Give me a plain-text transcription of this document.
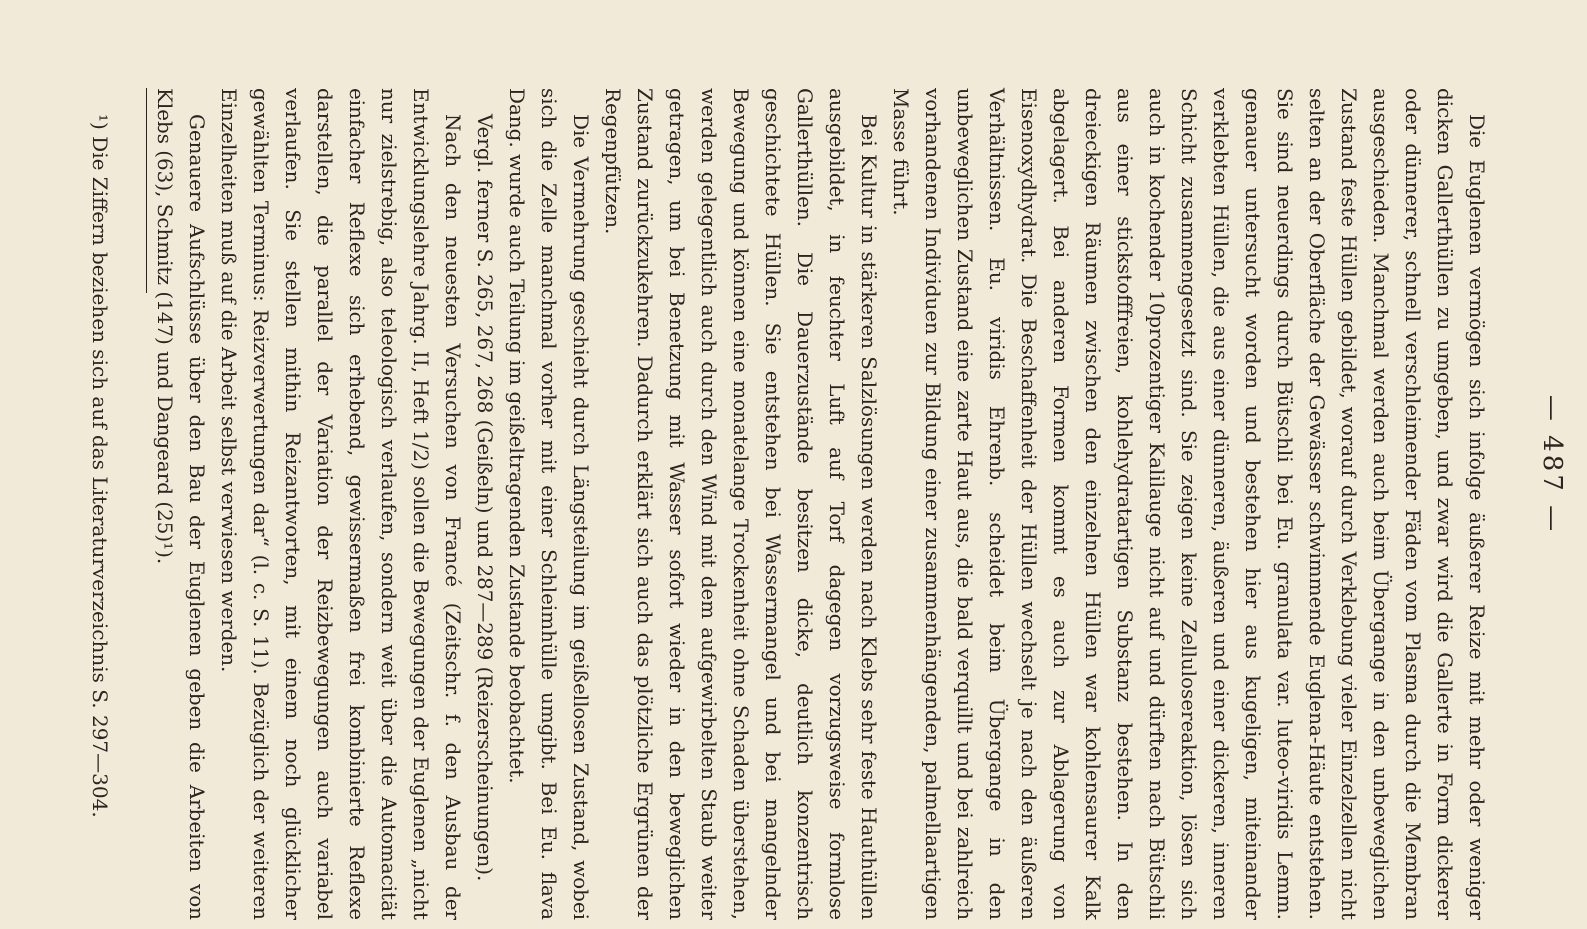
— 487 —

Die Euglenen vermögen sich infolge äußerer Reize mit mehr oder weniger dicken Gallerthüllen zu umgeben, und zwar wird die Gallerte in Form dickerer oder dünnerer, schnell verschleimender Fäden vom Plasma durch die Membran ausgeschieden. Manchmal werden auch beim Übergange in den unbeweglichen Zustand feste Hüllen gebildet, worauf durch Verklebung vieler Einzelzellen nicht selten an der Oberfläche der Gewässer schwimmende Euglena-Häute entstehen. Sie sind neuerdings durch Bütschli bei Eu. granulata var. luteo-viridis Lemm. genauer untersucht worden und bestehen hier aus kugeligen, miteinander verklebten Hüllen, die aus einer dünneren, äußeren und einer dickeren, inneren Schicht zusammengesetzt sind. Sie zeigen keine Zellulosereaktion, lösen sich auch in kochender 10prozentiger Kalilauge nicht auf und dürften nach Bütschli aus einer stickstofffreien, kohlehydratartigen Substanz bestehen. In den dreieckigen Räumen zwischen den einzelnen Hüllen war kohlensaurer Kalk abgelagert. Bei anderen Formen kommt es auch zur Ablagerung von Eisenoxydhydrat. Die Beschaffenheit der Hüllen wechselt je nach den äußeren Verhältnissen. Eu. viridis Ehrenb. scheidet beim Übergange in den unbeweglichen Zustand eine zarte Haut aus, die bald verquillt und bei zahlreich vorhandenen Individuen zur Bildung einer zusammenhängenden, palmellaartigen Masse führt.

Bei Kultur in stärkeren Salzlösungen werden nach Klebs sehr feste Hauthüllen ausgebildet, in feuchter Luft auf Torf dagegen vorzugsweise formlose Gallerthüllen. Die Dauerzustände besitzen dicke, deutlich konzentrisch geschichtete Hüllen. Sie entstehen bei Wassermangel und bei mangelnder Bewegung und können eine monatelange Trockenheit ohne Schaden überstehen, werden gelegentlich auch durch den Wind mit dem aufgewirbelten Staub weiter getragen, um bei Benetzung mit Wasser sofort wieder in den beweglichen Zustand zurückzukehren. Dadurch erklärt sich auch das plötzliche Ergrünen der Regenpfützen.

Die Vermehrung geschieht durch Längsteilung im geißellosen Zustand, wobei sich die Zelle manchmal vorher mit einer Schleimhülle umgibt. Bei Eu. flava Dang. wurde auch Teilung im geißeltragenden Zustande beobachtet.

Vergl. ferner S. 265, 267, 268 (Geißeln) und 287—289 (Reizerscheinungen).

Nach den neuesten Versuchen von Francé (Zeitschr. f. den Ausbau der Entwicklungslehre Jahrg. II, Heft 1/2) sollen die Bewegungen der Euglenen „nicht nur zielstrebig, also teleologisch verlaufen, sondern weit über die Automacität einfacher Reflexe sich erhebend, gewissermaßen frei kombinierte Reflexe darstellen, die parallel der Variation der Reizbewegungen auch variabel verlaufen. Sie stellen mithin Reizantworten, mit einem noch glücklicher gewählten Terminus: Reizverwertungen dar“ (l. c. S. 11). Bezüglich der weiteren Einzelheiten muß auf die Arbeit selbst verwiesen werden.

Genauere Aufschlüsse über den Bau der Euglenen geben die Arbeiten von Klebs (63), Schmitz (147) und Dangeard (25)¹).

¹) Die Ziffern beziehen sich auf das Literaturverzeichnis S. 297—304.
